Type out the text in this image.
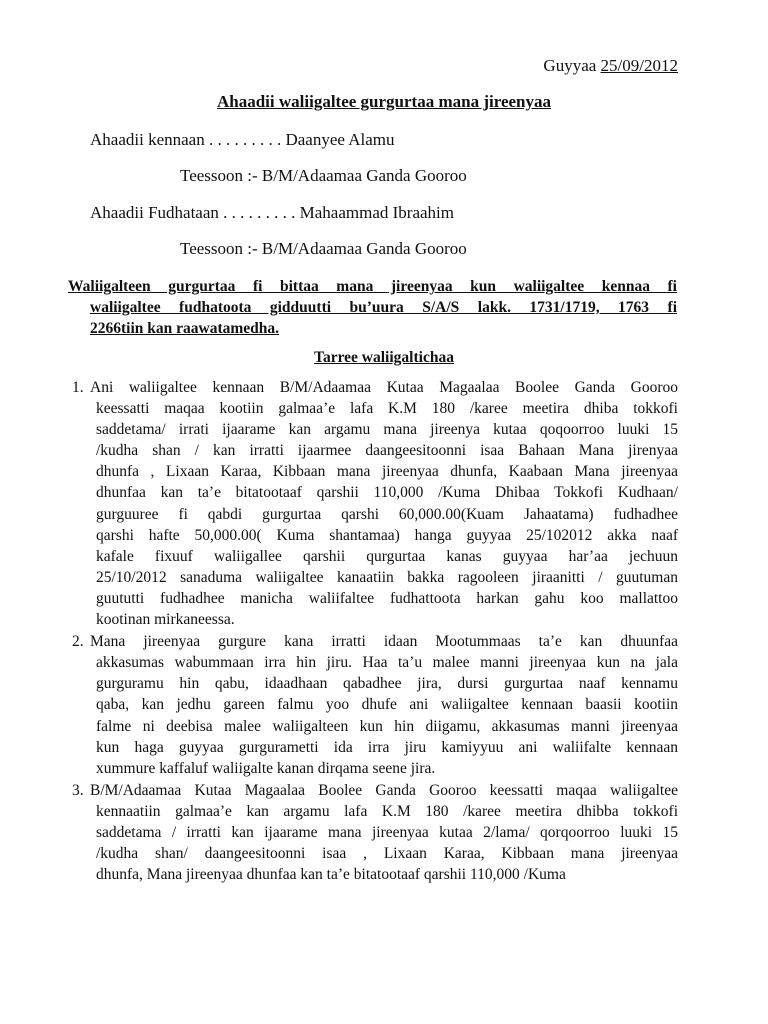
Guyyaa 25/09/2012
Ahaadii waliigaltee gurgurtaa mana jireenyaa
Ahaadii kennaan . . . . . . . . . Daanyee Alamu
Teessoon :- B/M/Adaamaa Ganda Gooroo
Ahaadii Fudhataan . . . . . . . . . Mahaammad Ibraahim
Teessoon :- B/M/Adaamaa Ganda Gooroo
Waliigalteen gurgurtaa fi bittaa mana jireenyaa kun waliigaltee kennaa fi
waliigaltee fudhatoota gidduutti bu’uura S/A/S lakk. 1731/1719, 1763 fi
2266tiin kan raawatamedha.
Tarree waliigaltichaa
1. Ani waliigaltee kennaan B/M/Adaamaa Kutaa Magaalaa Boolee Ganda Gooroo
keessatti maqaa kootiin galmaa’e lafa K.M 180 /karee meetira dhiba tokkofi
saddetama/ irrati ijaarame kan argamu mana jireenya kutaa qoqoorroo luuki 15
/kudha shan / kan irratti ijaarmee daangeesitoonni isaa Bahaan Mana jirenyaa
dhunfa , Lixaan Karaa, Kibbaan mana jireenyaa dhunfa, Kaabaan Mana jireenyaa
dhunfaa kan ta’e bitatootaaf qarshii 110,000 /Kuma Dhibaa Tokkofi Kudhaan/
gurguuree fi qabdi gurgurtaa qarshi 60,000.00(Kuam Jahaatama) fudhadhee
qarshi hafte 50,000.00( Kuma shantamaa) hanga guyyaa 25/102012 akka naaf
kafale fixuuf waliigallee qarshii qurgurtaa kanas guyyaa har’aa jechuun
25/10/2012 sanaduma waliigaltee kanaatiin bakka ragooleen jiraanitti / guutuman
guututti fudhadhee manicha waliifaltee fudhattoota harkan gahu koo mallattoo
kootinan mirkaneessa.
2. Mana jireenyaa gurgure kana irratti idaan Mootummaas ta’e kan dhuunfaa
akkasumas wabummaan irra hin jiru. Haa ta’u malee manni jireenyaa kun na jala
gurguramu hin qabu, idaadhaan qabadhee jira, dursi gurgurtaa naaf kennamu
qaba, kan jedhu gareen falmu yoo dhufe ani waliigaltee kennaan baasii kootiin
falme ni deebisa malee waliigalteen kun hin diigamu, akkasumas manni jireenyaa
kun haga guyyaa gurgurametti ida irra jiru kamiyyuu ani waliifalte kennaan
xummure kaffaluf waliigalte kanan dirqama seene jira.
3. B/M/Adaamaa Kutaa Magaalaa Boolee Ganda Gooroo keessatti maqaa waliigaltee
kennaatiin galmaa’e kan argamu lafa K.M 180 /karee meetira dhibba tokkofi
saddetama / irratti kan ijaarame mana jireenyaa kutaa 2/lama/ qorqoorroo luuki 15
/kudha shan/ daangeesitoonni isaa , Lixaan Karaa, Kibbaan mana jireenyaa
dhunfa, Mana jireenyaa dhunfaa kan ta’e bitatootaaf qarshii 110,000 /Kuma
